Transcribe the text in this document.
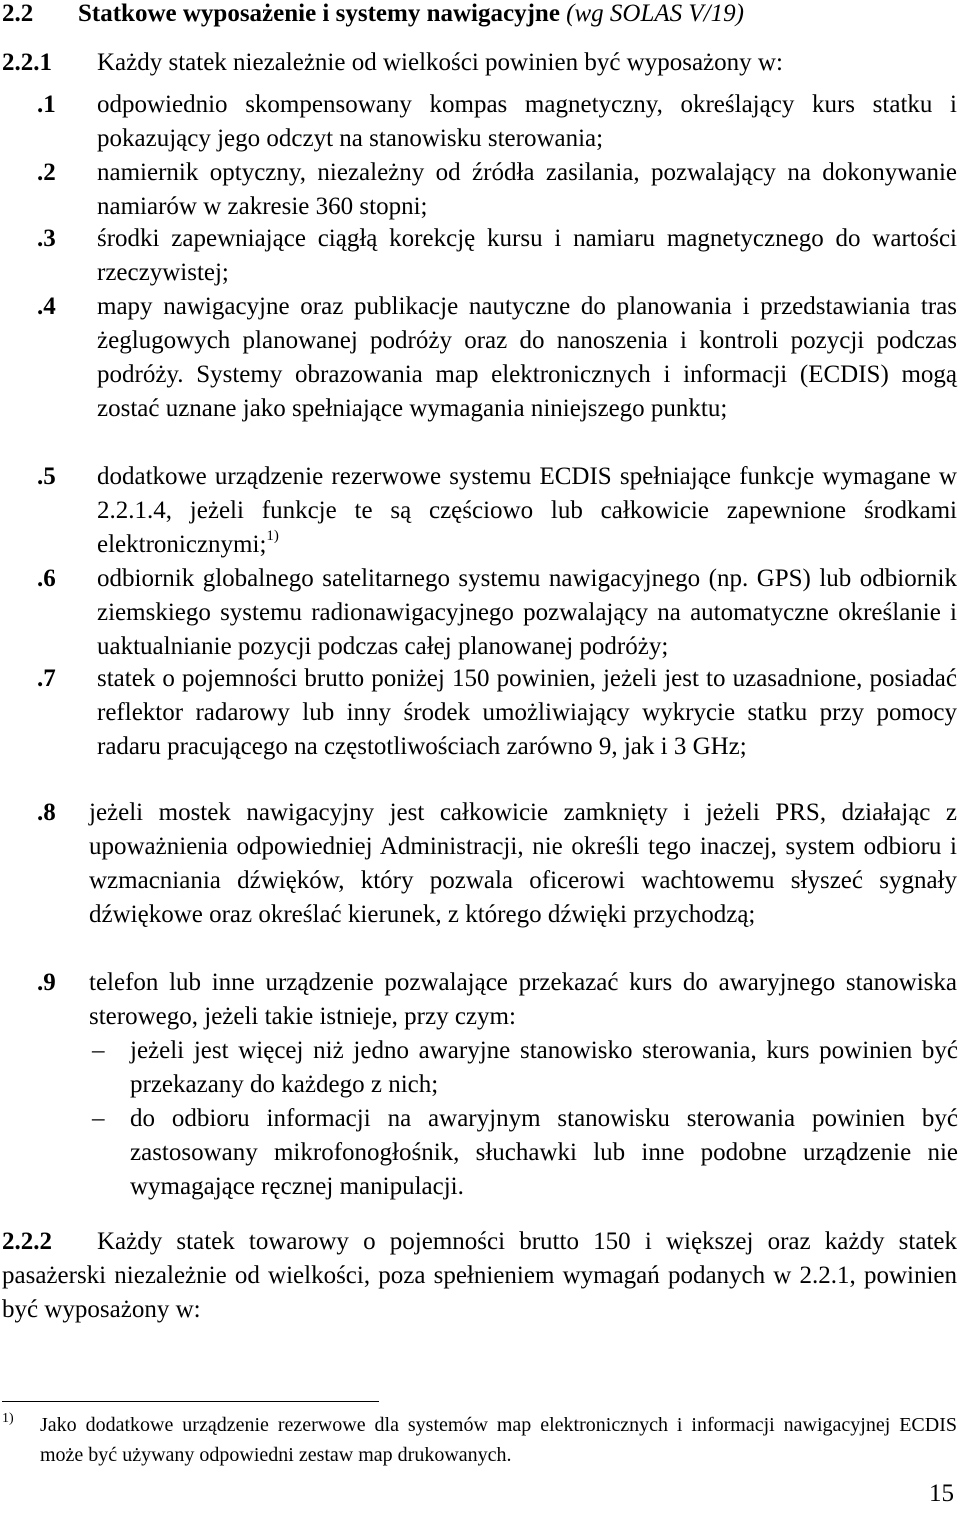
2.2 Statkowe wyposażenie i systemy nawigacyjne (wg SOLAS V/19)
2.2.1 Każdy statek niezależnie od wielkości powinien być wyposażony w:
.1 odpowiednio skompensowany kompas magnetyczny, określający kurs statku i pokazujący jego odczyt na stanowisku sterowania;
.2 namiernik optyczny, niezależny od źródła zasilania, pozwalający na dokonywanie namiarów w zakresie 360 stopni;
.3 środki zapewniające ciągłą korekcję kursu i namiaru magnetycznego do wartości rzeczywistej;
.4 mapy nawigacyjne oraz publikacje nautyczne do planowania i przedstawiania tras żeglugowych planowanej podróży oraz do nanoszenia i kontroli pozycji podczas podróży. Systemy obrazowania map elektronicznych i informacji (ECDIS) mogą zostać uznane jako spełniające wymagania niniejszego punktu;
.5 dodatkowe urządzenie rezerwowe systemu ECDIS spełniające funkcje wymagane w 2.2.1.4, jeżeli funkcje te są częściowo lub całkowicie zapewnione środkami elektronicznymi;$^{1)}$
.6 odbiornik globalnego satelitarnego systemu nawigacyjnego (np. GPS) lub odbiornik ziemskiego systemu radionawigacyjnego pozwalający na automatyczne określanie i uaktualnianie pozycji podczas całej planowanej podróży;
.7 statek o pojemności brutto poniżej 150 powinien, jeżeli jest to uzasadnione, posiadać reflektor radarowy lub inny środek umożliwiający wykrycie statku przy pomocy radaru pracującego na częstotliwościach zarówno 9, jak i 3 GHz;
.8 jeżeli mostek nawigacyjny jest całkowicie zamknięty i jeżeli PRS, działając z upoważnienia odpowiedniej Administracji, nie określi tego inaczej, system odbioru i wzmacniania dźwięków, który pozwala oficerowi wachtowemu słyszeć sygnały dźwiękowe oraz określać kierunek, z którego dźwięki przychodzą;
.9 telefon lub inne urządzenie pozwalające przekazać kurs do awaryjnego stanowiska sterowego, jeżeli takie istnieje, przy czym:
– jeżeli jest więcej niż jedno awaryjne stanowisko sterowania, kurs powinien być przekazany do każdego z nich;
– do odbioru informacji na awaryjnym stanowisku sterowania powinien być zastosowany mikrofonogłośnik, słuchawki lub inne podobne urządzenie nie wymagające ręcznej manipulacji.
2.2.2 Każdy statek towarowy o pojemności brutto 150 i większej oraz każdy statek pasażerski niezależnie od wielkości, poza spełnieniem wymagań podanych w 2.2.1, powinien być wyposażony w:
1) Jako dodatkowe urządzenie rezerwowe dla systemów map elektronicznych i informacji nawigacyjnej ECDIS może być używany odpowiedni zestaw map drukowanych.
15
